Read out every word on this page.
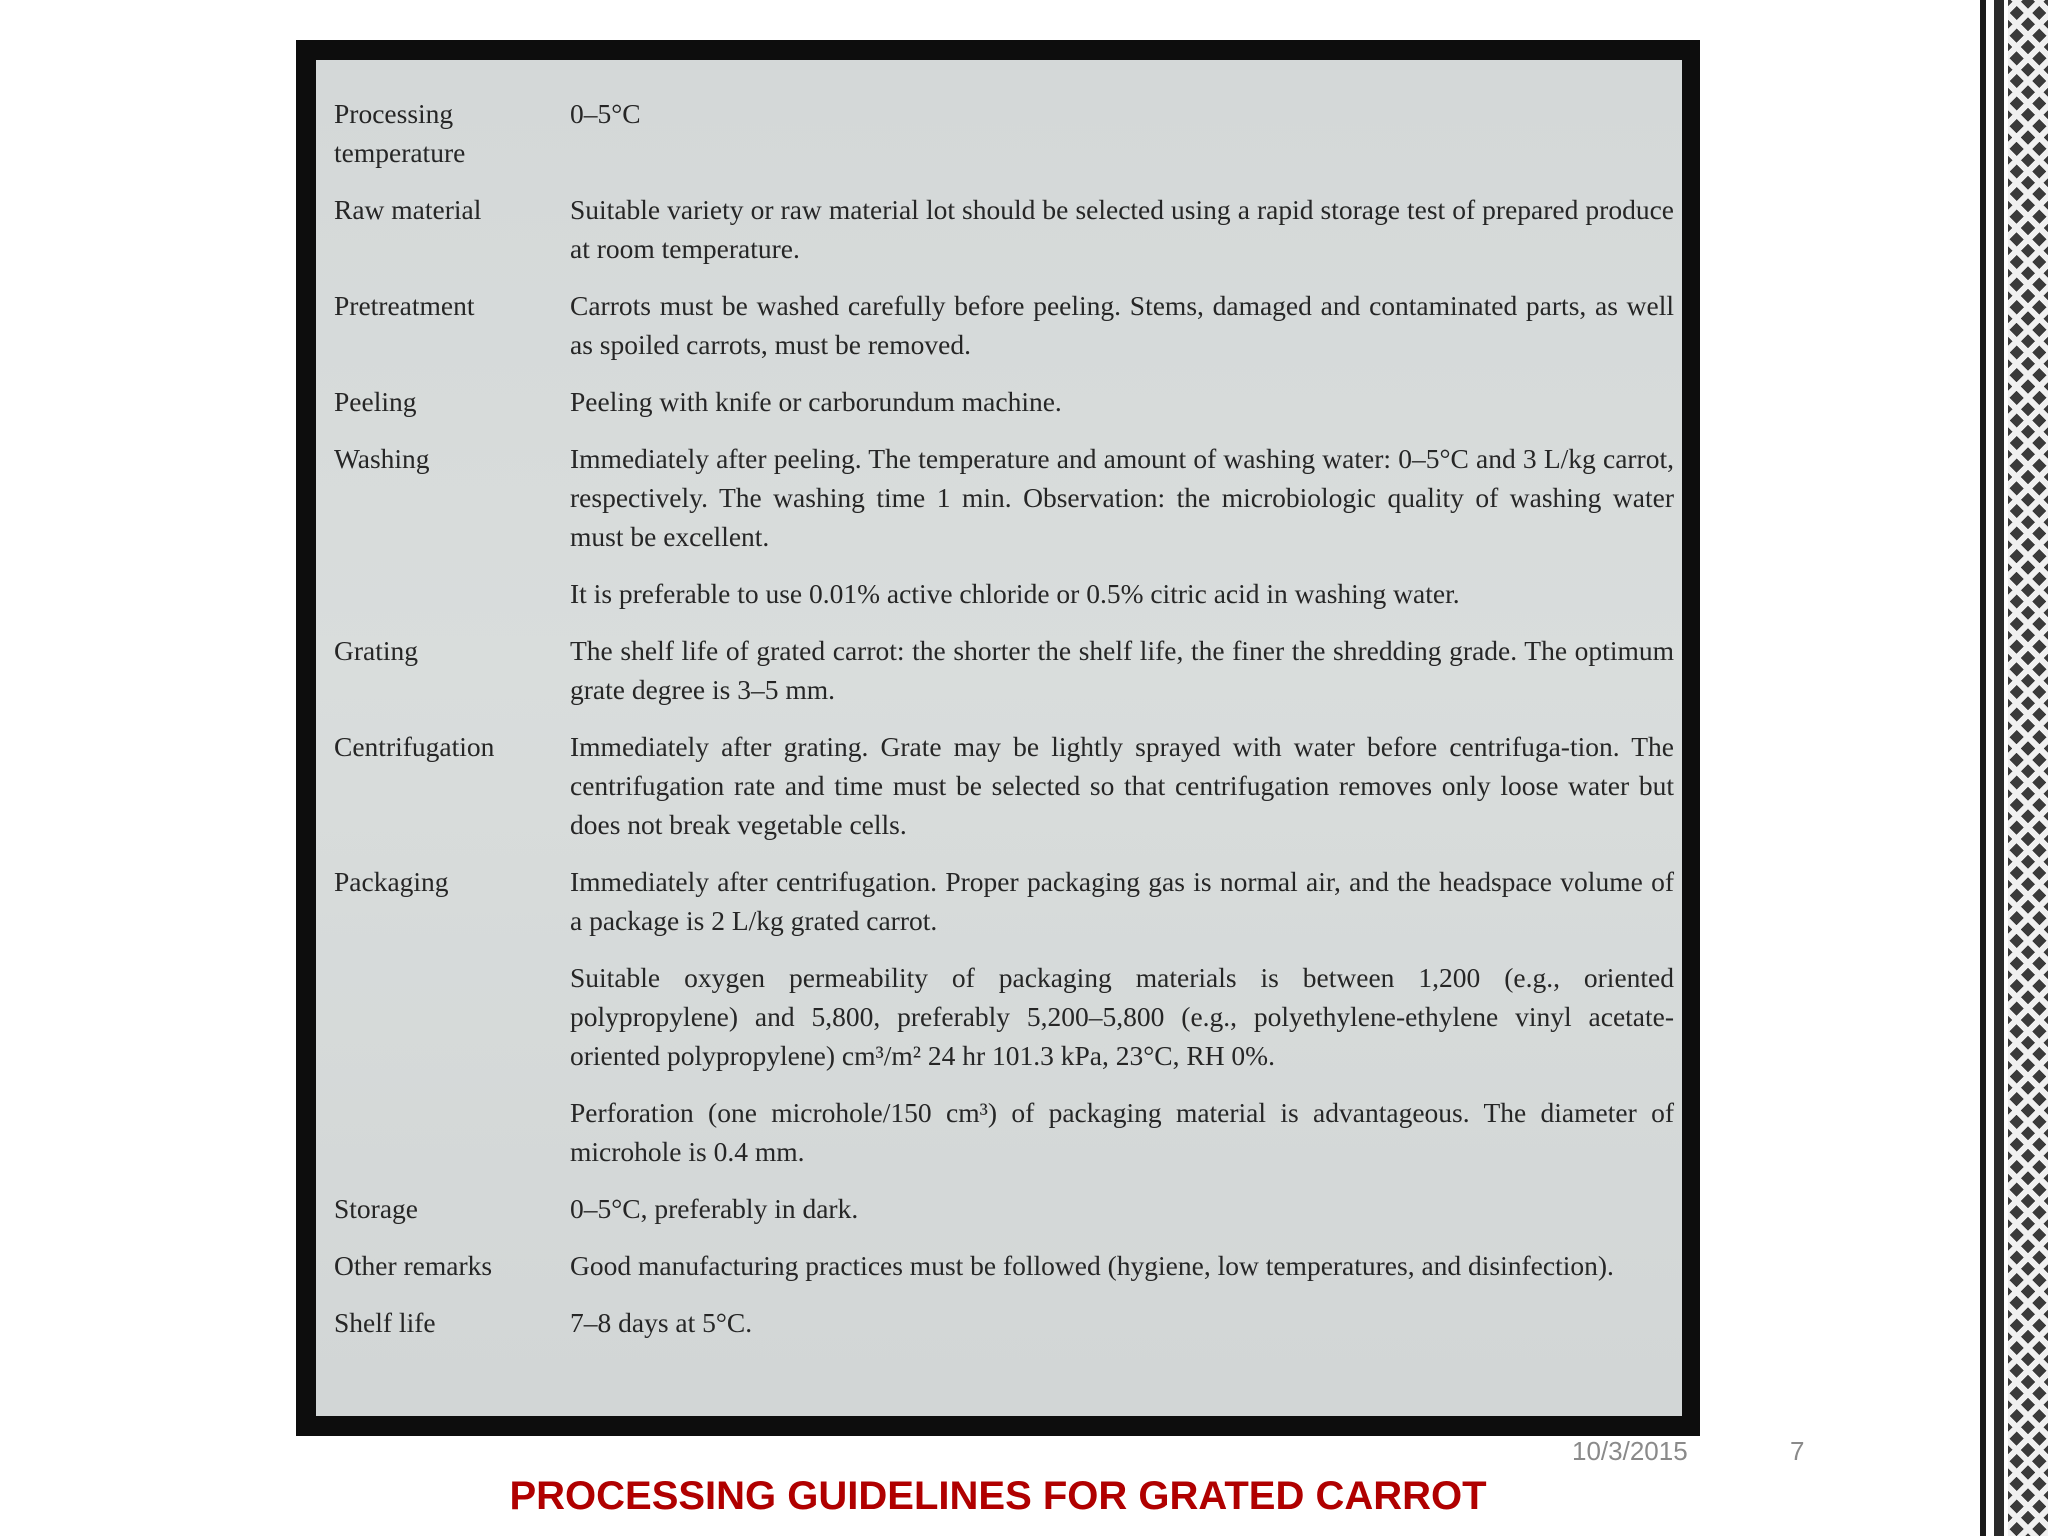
Processing temperature	0–5°C
Raw material	Suitable variety or raw material lot should be selected using a rapid storage test of prepared produce at room temperature.
Pretreatment	Carrots must be washed carefully before peeling. Stems, damaged and contaminated parts, as well as spoiled carrots, must be removed.
Peeling	Peeling with knife or carborundum machine.
Washing	Immediately after peeling. The temperature and amount of washing water: 0–5°C and 3 L/kg carrot, respectively. The washing time 1 min. Observation: the microbiologic quality of washing water must be excellent.
	It is preferable to use 0.01% active chloride or 0.5% citric acid in washing water.
Grating	The shelf life of grated carrot: the shorter the shelf life, the finer the shredding grade. The optimum grate degree is 3–5 mm.
Centrifugation	Immediately after grating. Grate may be lightly sprayed with water before centrifuga-tion. The centrifugation rate and time must be selected so that centrifugation removes only loose water but does not break vegetable cells.
Packaging	Immediately after centrifugation. Proper packaging gas is normal air, and the headspace volume of a package is 2 L/kg grated carrot.
	Suitable oxygen permeability of packaging materials is between 1,200 (e.g., oriented polypropylene) and 5,800, preferably 5,200–5,800 (e.g., polyethylene-ethylene vinyl acetate-oriented polypropylene) cm³/m² 24 hr 101.3 kPa, 23°C, RH 0%.
	Perforation (one microhole/150 cm³) of packaging material is advantageous. The diameter of microhole is 0.4 mm.
Storage	0–5°C, preferably in dark.
Other remarks	Good manufacturing practices must be followed (hygiene, low temperatures, and disinfection).
Shelf life	7–8 days at 5°C.
10/3/2015	7
PROCESSING GUIDELINES FOR GRATED CARROT
